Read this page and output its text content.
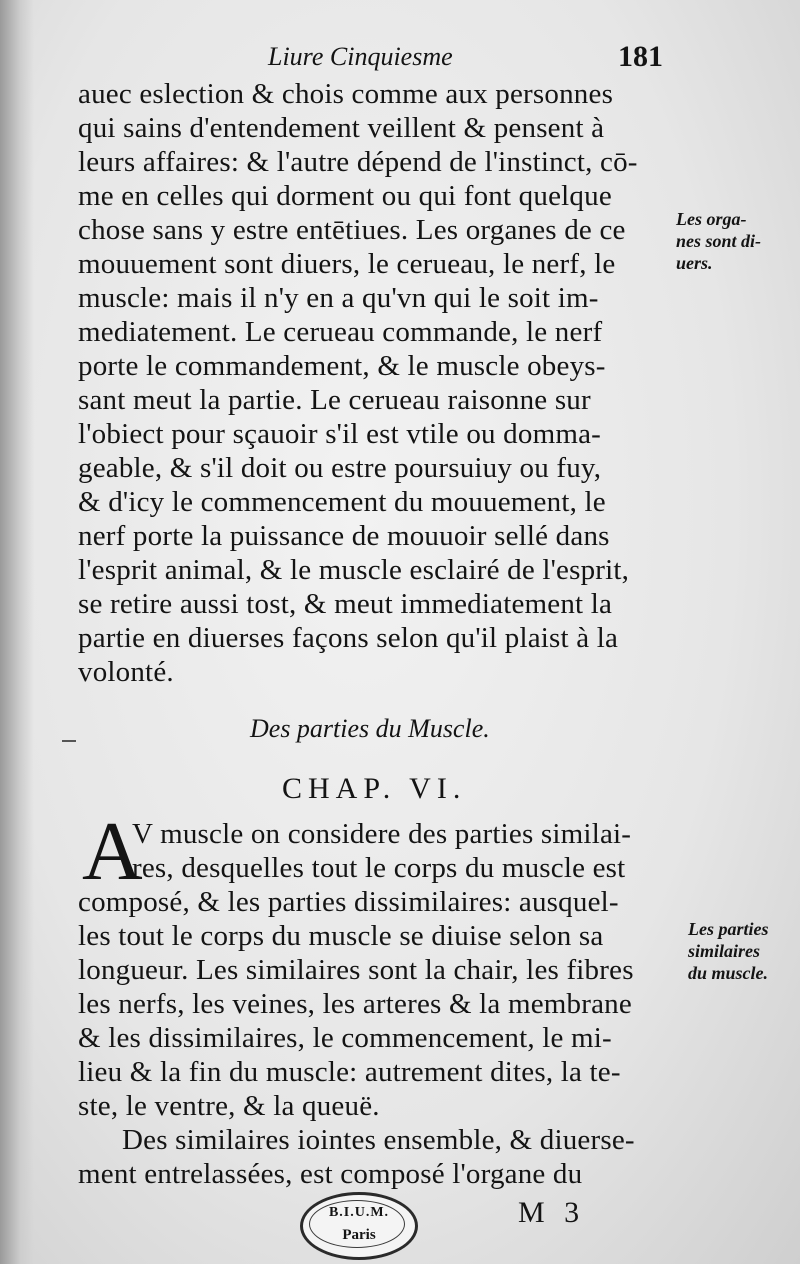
Liure Cinquiesme	181
auec eslection & chois comme aux personnes
qui sains d'entendement veillent & pensent à
leurs affaires: & l'autre dépend de l'instinct, cō-
me en celles qui dorment ou qui font quelque
chose sans y estre entētiues. Les organes de ce
mouuement sont diuers, le cerueau, le nerf, le
muscle: mais il n'y en a qu'vn qui le soit im-
mediatement. Le cerueau commande, le nerf
porte le commandement, & le muscle obeys-
sant meut la partie. Le cerueau raisonne sur
l'obiect pour sçauoir s'il est vtile ou domma-
geable, & s'il doit ou estre poursuiuy ou fuy,
& d'icy le commencement du mouuement, le
nerf porte la puissance de mouuoir sellé dans
l'esprit animal, & le muscle esclairé de l'esprit,
se retire aussi tost, & meut immediatement la
partie en diuerses façons selon qu'il plaist à la
volonté.
Les orga-
nes sont di-
uers.
Des parties du Muscle.
CHAP. VI.
A
V muscle on considere des parties similai-
res, desquelles tout le corps du muscle est
composé, & les parties dissimilaires: ausquel-
les tout le corps du muscle se diuise selon sa
longueur. Les similaires sont la chair, les fibres
les nerfs, les veines, les arteres & la membrane
& les dissimilaires, le commencement, le mi-
lieu & la fin du muscle: autrement dites, la te-
ste, le ventre, & la queuë.
Des similaires iointes ensemble, & diuerse-
ment entrelassées, est composé l'organe du
Les parties
similaires
du muscle.
B.I.U.M.
Paris
M 3
